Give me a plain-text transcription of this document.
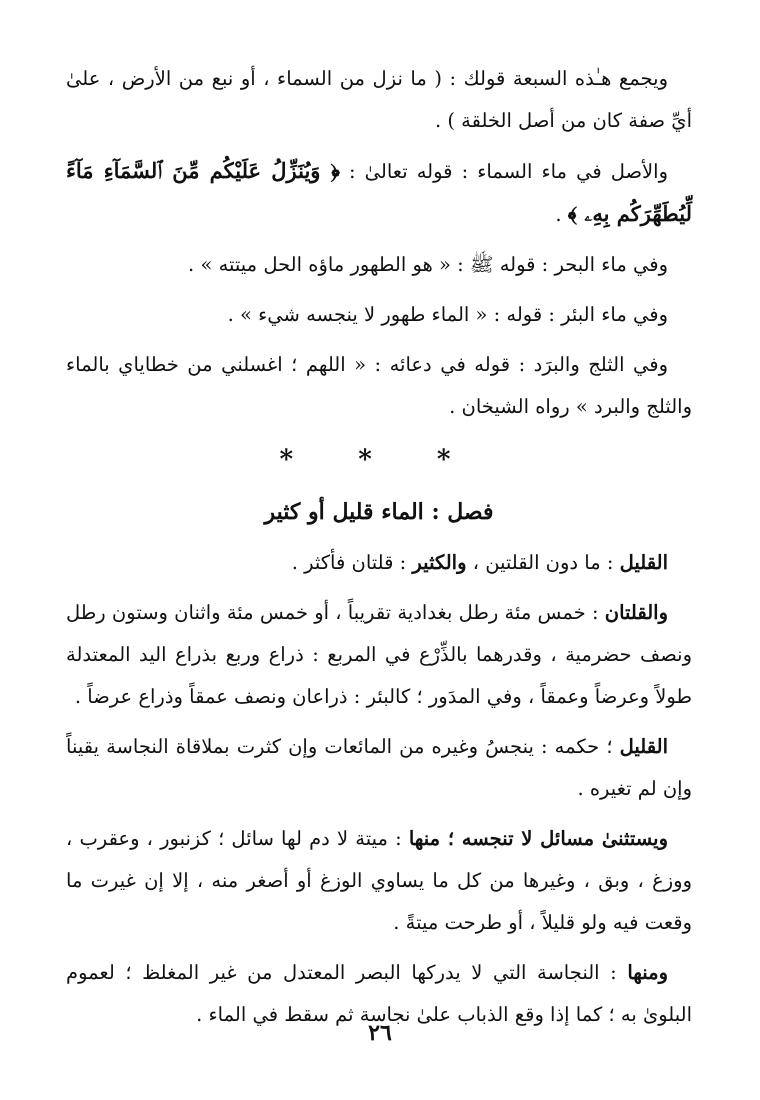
ويجمع هـٰذه السبعة قولك : ( ما نزل من السماء ، أو نبع من الأرض ، علىٰ أيِّ صفة كان من أصل الخلقة ) .

والأصل في ماء السماء : قوله تعالىٰ : ﴿ وَيُنَزِّلُ عَلَيْكُم مِّنَ ٱلسَّمَآءِ مَآءً لِّيُطَهِّرَكُم بِهِۦ ﴾ .

وفي ماء البحر : قوله ﷺ : « هو الطهور ماؤه الحل ميتته » .

وفي ماء البئر : قوله : « الماء طهور لا ينجسه شيء » .

وفي الثلج والبرَد : قوله في دعائه : « اللهم ؛ اغسلني من خطاياي بالماء والثلج والبرد » رواه الشيخان .

* * *
فصل : الماء قليل أو كثير

القليل : ما دون القلتين ، والكثير : قلتان فأكثر .

والقلتان : خمس مئة رطل بغدادية تقريباً ، أو خمس مئة واثنان وستون رطل ونصف حضرمية ، وقدرهما بالذِّرْع في المربع : ذراع وربع بذراع اليد المعتدلة طولاً وعرضاً وعمقاً ، وفي المدَور ؛ كالبئر : ذراعان ونصف عمقاً وذراع عرضاً .

القليل ؛ حكمه : ينجسُ وغيره من المائعات وإن كثرت بملاقاة النجاسة يقيناً وإن لم تغيره .

ويستثنىٰ مسائل لا تنجسه ؛ منها : ميتة لا دم لها سائل ؛ كزنبور ، وعقرب ، ووزغ ، وبق ، وغيرها من كل ما يساوي الوزغ أو أصغر منه ، إلا إن غيرت ما وقعت فيه ولو قليلاً ، أو طرحت ميتةً .

ومنها : النجاسة التي لا يدركها البصر المعتدل من غير المغلظ ؛ لعموم البلوىٰ به ؛ كما إذا وقع الذباب علىٰ نجاسة ثم سقط في الماء .

٢٦
